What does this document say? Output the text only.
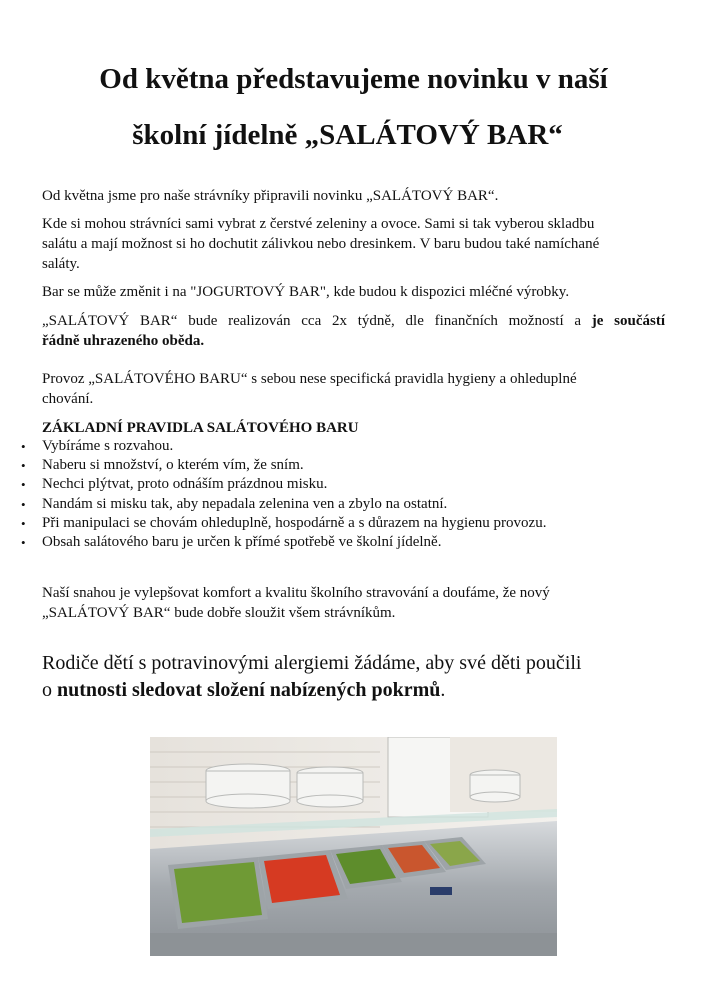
Od května představujeme novinku v naší
školní jídelně „SALÁTOVÝ BAR“

Od května jsme pro naše strávníky připravili novinku „SALÁTOVÝ BAR“.

Kde si mohou strávníci sami vybrat z čerstvé zeleniny a ovoce. Sami si tak vyberou skladbu

salátu a mají možnost si ho dochutit zálivkou nebo dresinkem. V baru budou také namíchané

saláty.

Bar se může změnit i na "JOGURTOVÝ BAR", kde budou k dispozici mléčné výrobky.

„SALÁTOVÝ BAR“ bude realizován cca 2x týdně, dle finančních možností a je součástí

řádně uhrazeného oběda.

Provoz „SALÁTOVÉHO BARU“ s sebou nese specifická pravidla hygieny a ohleduplné

chování.

ZÁKLADNÍ PRAVIDLA SALÁTOVÉHO BARU

• Vybíráme s rozvahou.
• Naberu si množství, o kterém vím, že sním.
• Nechci plýtvat, proto odnáším prázdnou misku.
• Nandám si misku tak, aby nepadala zelenina ven a zbylo na ostatní.
• Při manipulaci se chovám ohleduplně, hospodárně a s důrazem na hygienu provozu.
• Obsah salátového baru je určen k přímé spotřebě ve školní jídelně.

Naší snahou je vylepšovat komfort a kvalitu školního stravování a doufáme, že nový

„SALÁTOVÝ BAR“ bude dobře sloužit všem strávníkům.

Rodiče dětí s potravinovými alergiemi žádáme, aby své děti poučili

o nutnosti sledovat složení nabízených pokrmů.
